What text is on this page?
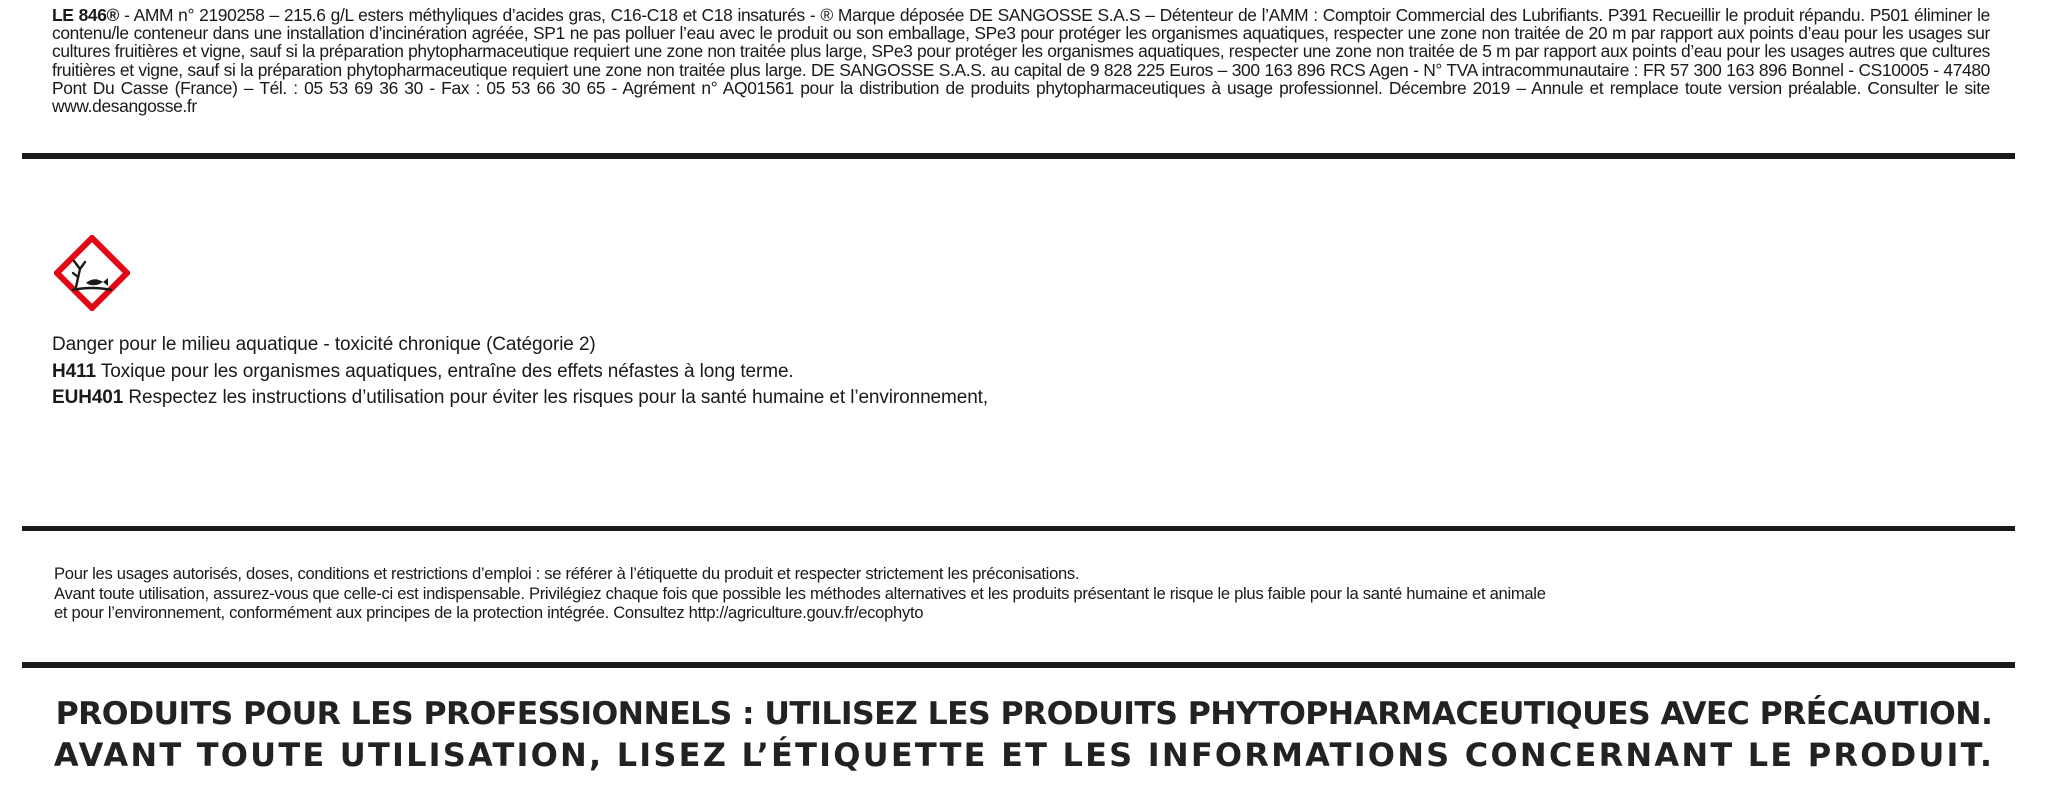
LE 846® - AMM n° 2190258 – 215.6 g/L esters méthyliques d’acides gras, C16-C18 et C18 insaturés - ® Marque déposée DE SANGOSSE S.A.S – Détenteur de l’AMM : Comptoir Commercial des Lubrifiants. P391 Recueillir le produit répandu. P501 éliminer le contenu/le conteneur dans une installation d’incinération agréée, SP1 ne pas polluer l’eau avec le produit ou son emballage, SPe3 pour protéger les organismes aquatiques, respecter une zone non traitée de 20 m par rapport aux points d’eau pour les usages sur cultures fruitières et vigne, sauf si la préparation phytopharmaceutique requiert une zone non traitée plus large, SPe3 pour protéger les organismes aquatiques, respecter une zone non traitée de 5 m par rapport aux points d’eau pour les usages autres que cultures fruitières et vigne, sauf si la préparation phytopharmaceutique requiert une zone non traitée plus large. DE SANGOSSE S.A.S. au capital de 9 828 225 Euros – 300 163 896 RCS Agen - N° TVA intracommunautaire : FR 57 300 163 896 Bonnel - CS10005 - 47480 Pont Du Casse (France) – Tél. : 05 53 69 36 30 - Fax : 05 53 66 30 65 - Agrément n° AQ01561 pour la distribution de produits phytopharmaceutiques à usage professionnel. Décembre 2019 – Annule et remplace toute version préalable. Consulter le site www.desangosse.fr
Danger pour le milieu aquatique - toxicité chronique (Catégorie 2)
H411 Toxique pour les organismes aquatiques, entraîne des effets néfastes à long terme.
EUH401 Respectez les instructions d’utilisation pour éviter les risques pour la santé humaine et l’environnement,
Pour les usages autorisés, doses, conditions et restrictions d’emploi : se référer à l’étiquette du produit et respecter strictement les préconisations.
Avant toute utilisation, assurez-vous que celle-ci est indispensable. Privilégiez chaque fois que possible les méthodes alternatives et les produits présentant le risque le plus faible pour la santé humaine et animale
et pour l’environnement, conformément aux principes de la protection intégrée. Consultez http://agriculture.gouv.fr/ecophyto
PRODUITS POUR LES PROFESSIONNELS : UTILISEZ LES PRODUITS PHYTOPHARMACEUTIQUES AVEC PRÉCAUTION.
AVANT TOUTE UTILISATION, LISEZ L’ÉTIQUETTE ET LES INFORMATIONS CONCERNANT LE PRODUIT.
